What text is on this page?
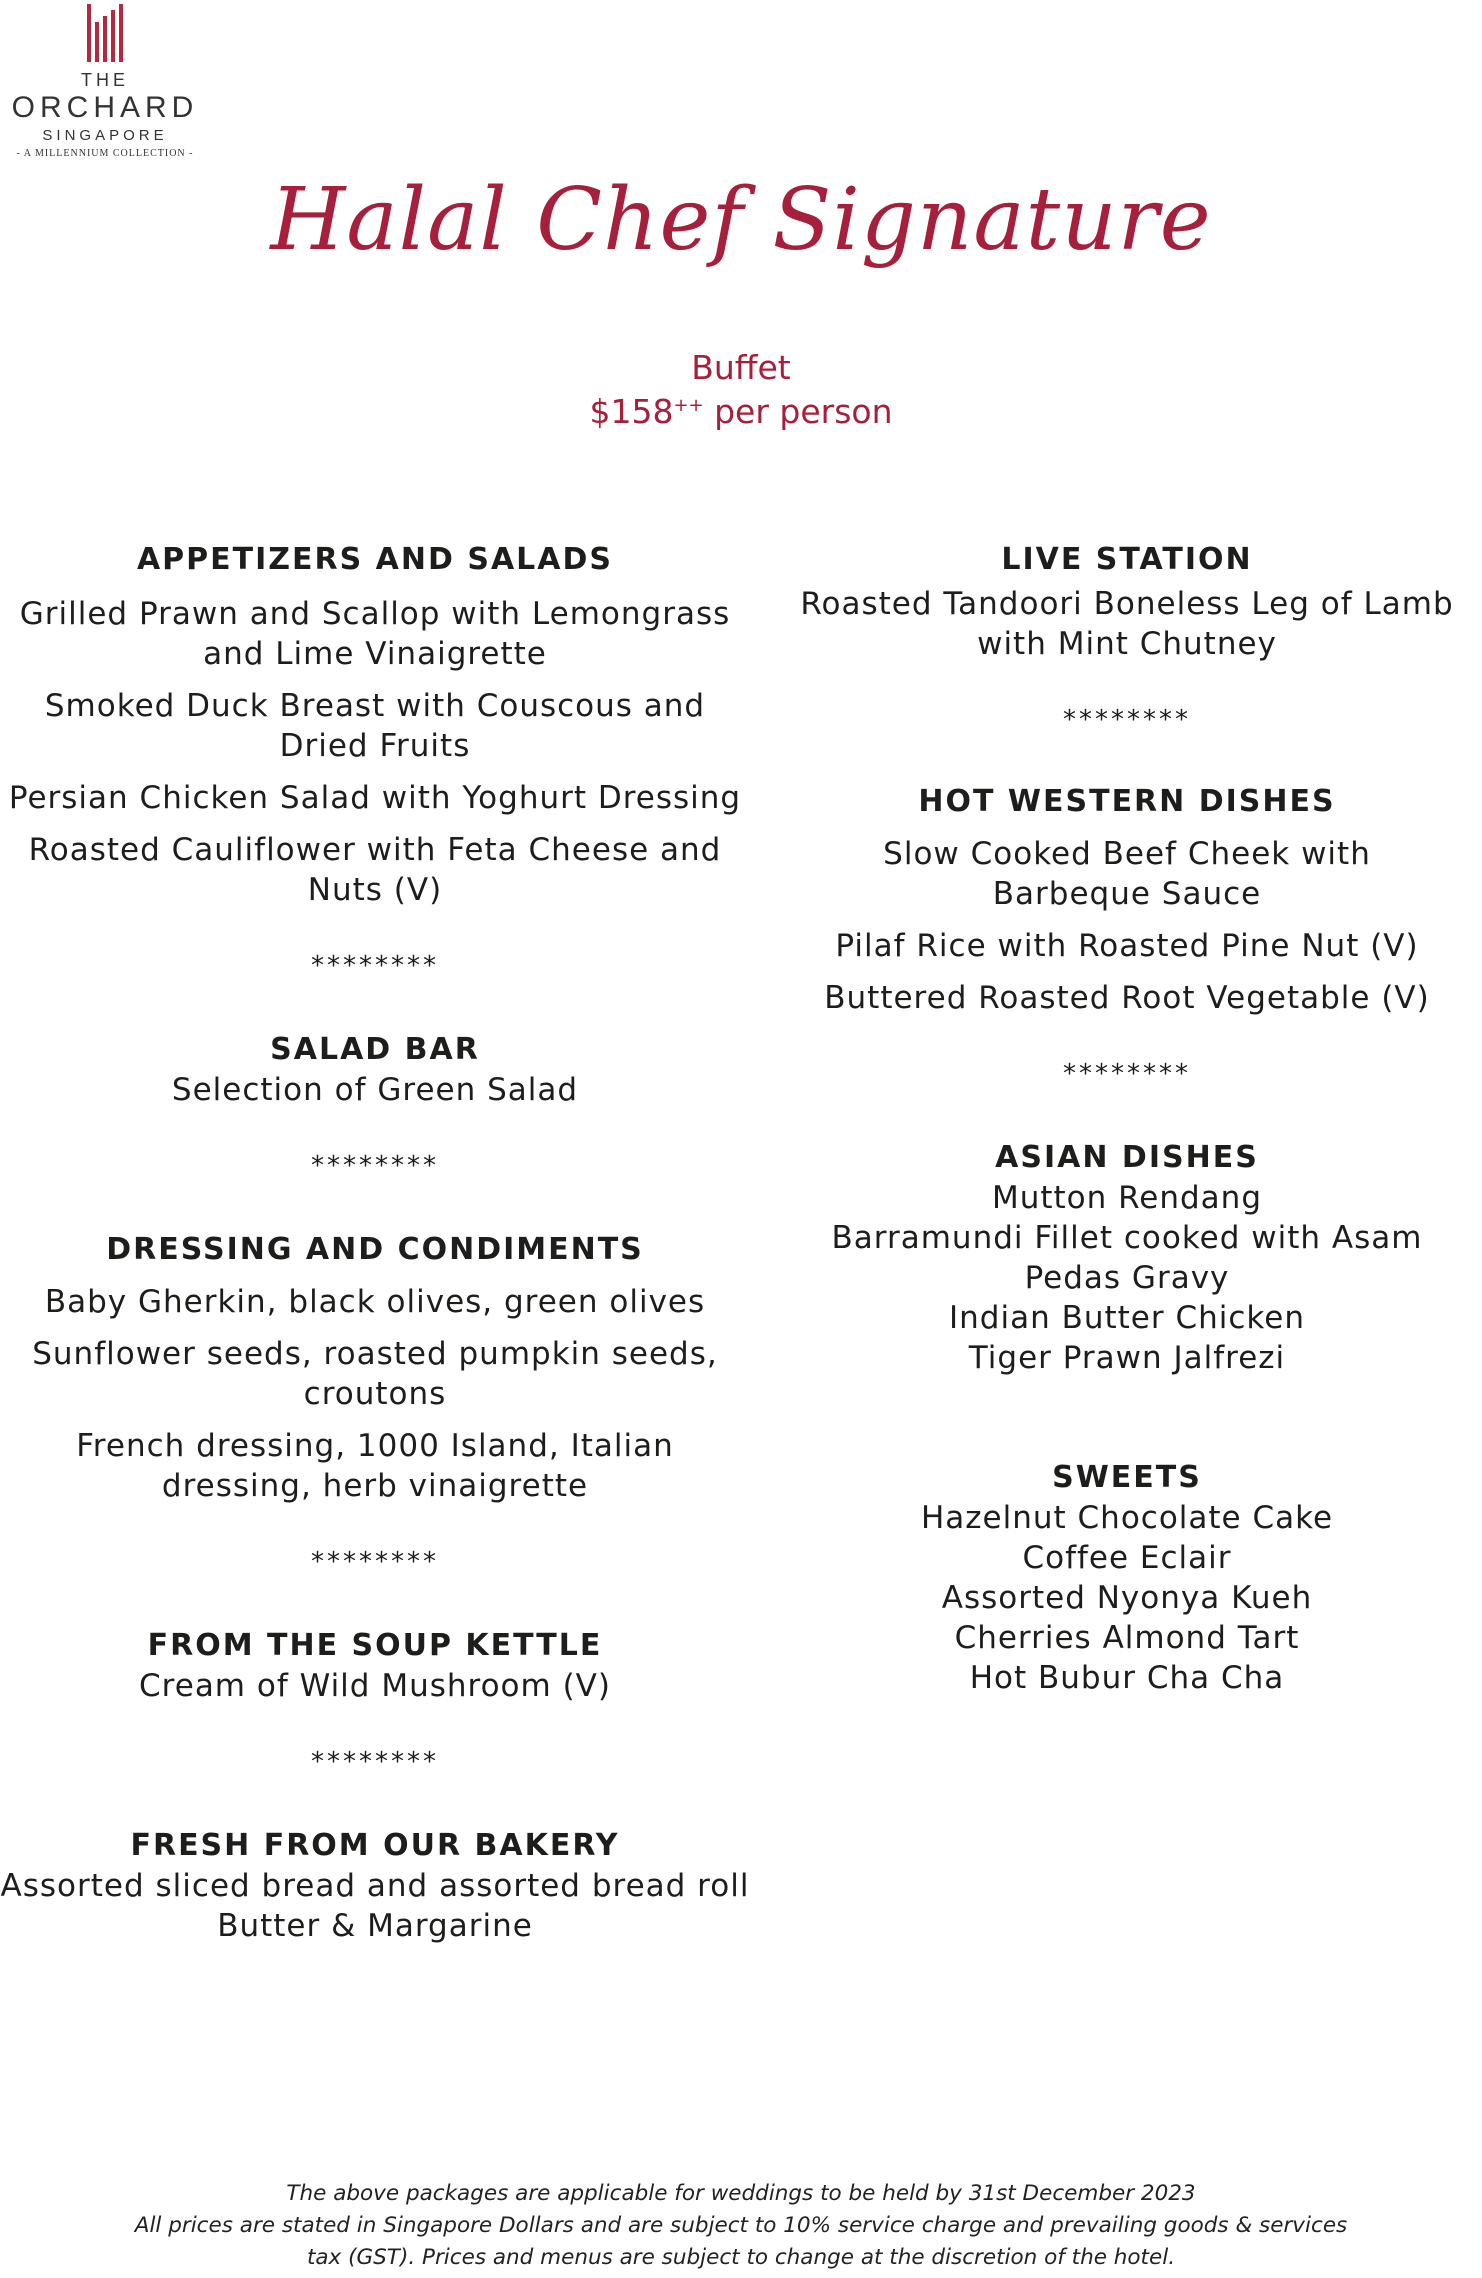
THE
ORCHARD
SINGAPORE
- A MILLENNIUM COLLECTION -
Halal Chef Signature
Buffet
$158++ per person
APPETIZERS AND SALADS
Grilled Prawn and Scallop with Lemongrass
and Lime Vinaigrette
Smoked Duck Breast with Couscous and
Dried Fruits
Persian Chicken Salad with Yoghurt Dressing
Roasted Cauliflower with Feta Cheese and
Nuts (V)
********
SALAD BAR
Selection of Green Salad
********
DRESSING AND CONDIMENTS
Baby Gherkin, black olives, green olives
Sunflower seeds, roasted pumpkin seeds,
croutons
French dressing, 1000 Island, Italian
dressing, herb vinaigrette
********
FROM THE SOUP KETTLE
Cream of Wild Mushroom (V)
********
FRESH FROM OUR BAKERY
Assorted sliced bread and assorted bread roll
Butter & Margarine
LIVE STATION
Roasted Tandoori Boneless Leg of Lamb
with Mint Chutney
********
HOT WESTERN DISHES
Slow Cooked Beef Cheek with
Barbeque Sauce
Pilaf Rice with Roasted Pine Nut (V)
Buttered Roasted Root Vegetable (V)
********
ASIAN DISHES
Mutton Rendang
Barramundi Fillet cooked with Asam
Pedas Gravy
Indian Butter Chicken
Tiger Prawn Jalfrezi
SWEETS
Hazelnut Chocolate Cake
Coffee Eclair
Assorted Nyonya Kueh
Cherries Almond Tart
Hot Bubur Cha Cha
The above packages are applicable for weddings to be held by 31st December 2023
All prices are stated in Singapore Dollars and are subject to 10% service charge and prevailing goods & services
tax (GST). Prices and menus are subject to change at the discretion of the hotel.
